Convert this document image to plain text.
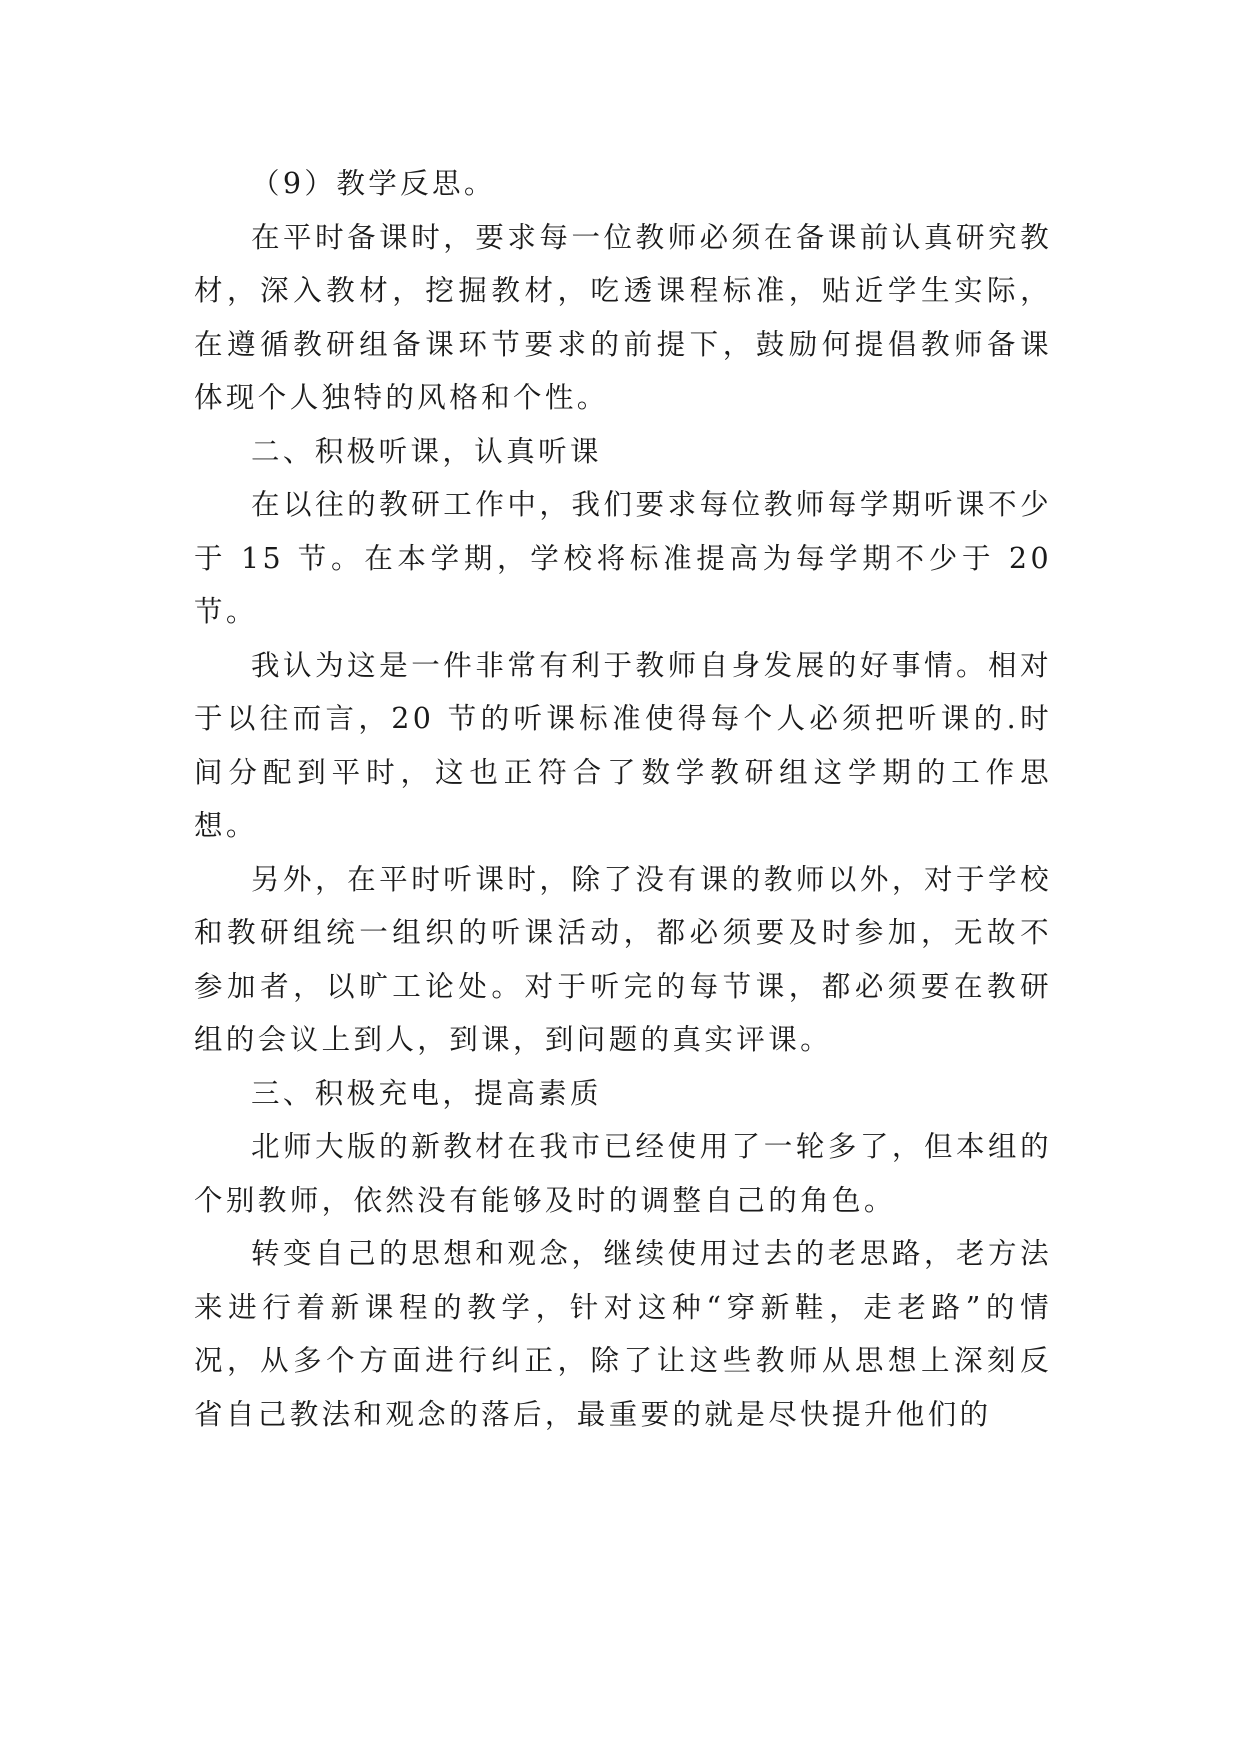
（9）教学反思。

在平时备课时，要求每一位教师必须在备课前认真研究教材，深入教材，挖掘教材，吃透课程标准，贴近学生实际，在遵循教研组备课环节要求的前提下，鼓励何提倡教师备课体现个人独特的风格和个性。

二、积极听课，认真听课

在以往的教研工作中，我们要求每位教师每学期听课不少于 15 节。在本学期，学校将标准提高为每学期不少于 20 节。

我认为这是一件非常有利于教师自身发展的好事情。相对于以往而言，20 节的听课标准使得每个人必须把听课的.时间分配到平时，这也正符合了数学教研组这学期的工作思想。

另外，在平时听课时，除了没有课的教师以外，对于学校和教研组统一组织的听课活动，都必须要及时参加，无故不参加者，以旷工论处。对于听完的每节课，都必须要在教研组的会议上到人，到课，到问题的真实评课。

三、积极充电，提高素质

北师大版的新教材在我市已经使用了一轮多了，但本组的个别教师，依然没有能够及时的调整自己的角色。

转变自己的思想和观念，继续使用过去的老思路，老方法来进行着新课程的教学，针对这种“穿新鞋，走老路”的情况，从多个方面进行纠正，除了让这些教师从思想上深刻反省自己教法和观念的落后，最重要的就是尽快提升他们的
